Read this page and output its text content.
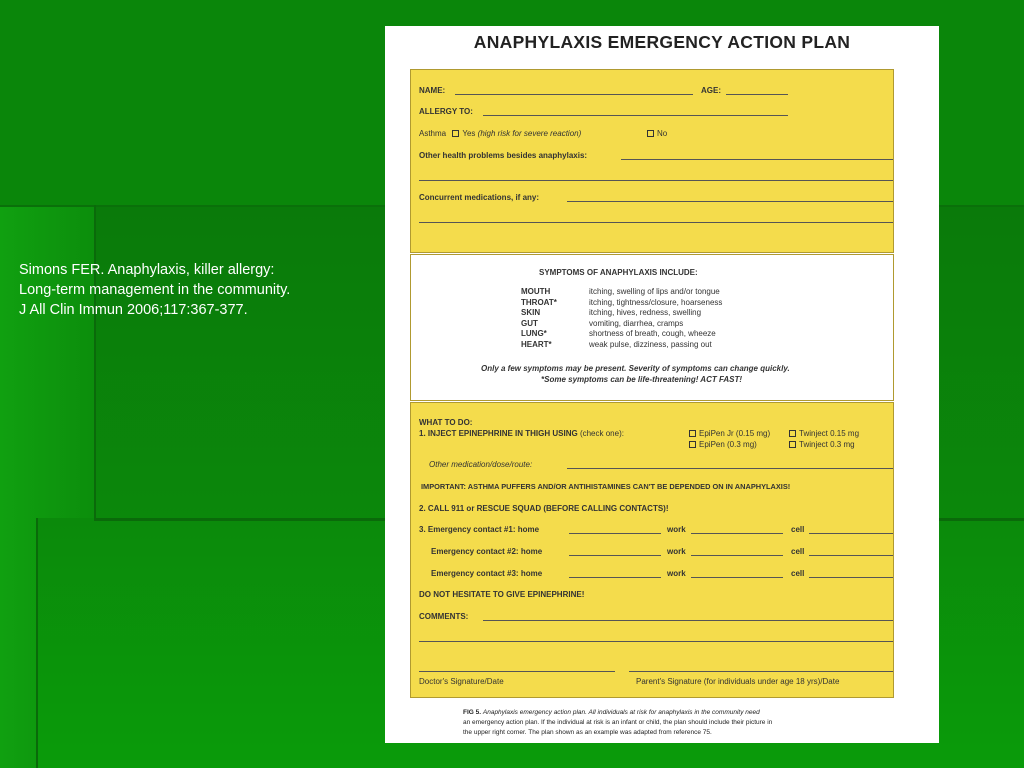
Simons FER. Anaphylaxis, killer allergy:
Long-term management in the community.
J All Clin Immun 2006;117:367-377.
ANAPHYLAXIS EMERGENCY ACTION PLAN
NAME:	AGE:
ALLERGY TO:
Asthma Yes (high risk for severe reaction)	No
Other health problems besides anaphylaxis:
Concurrent medications, if any:
SYMPTOMS OF ANAPHYLAXIS INCLUDE:
MOUTH	itching, swelling of lips and/or tongue
THROAT*	itching, tightness/closure, hoarseness
SKIN	itching, hives, redness, swelling
GUT	vomiting, diarrhea, cramps
LUNG*	shortness of breath, cough, wheeze
HEART*	weak pulse, dizziness, passing out
Only a few symptoms may be present. Severity of symptoms can change quickly.
*Some symptoms can be life-threatening! ACT FAST!
WHAT TO DO:
1. INJECT EPINEPHRINE IN THIGH USING (check one):	EpiPen Jr (0.15 mg)	Twinject 0.15 mg
EpiPen (0.3 mg)	Twinject 0.3 mg
Other medication/dose/route:
IMPORTANT: ASTHMA PUFFERS AND/OR ANTIHISTAMINES CAN'T BE DEPENDED ON IN ANAPHYLAXIS!
2. CALL 911 or RESCUE SQUAD (BEFORE CALLING CONTACTS)!
3. Emergency contact #1: home	work	cell
Emergency contact #2: home	work	cell
Emergency contact #3: home	work	cell
DO NOT HESITATE TO GIVE EPINEPHRINE!
COMMENTS:
Doctor's Signature/Date	Parent's Signature (for individuals under age 18 yrs)/Date
FIG 5. Anaphylaxis emergency action plan. All individuals at risk for anaphylaxis in the community need
an emergency action plan. If the individual at risk is an infant or child, the plan should include their picture in
the upper right corner. The plan shown as an example was adapted from reference 75.
